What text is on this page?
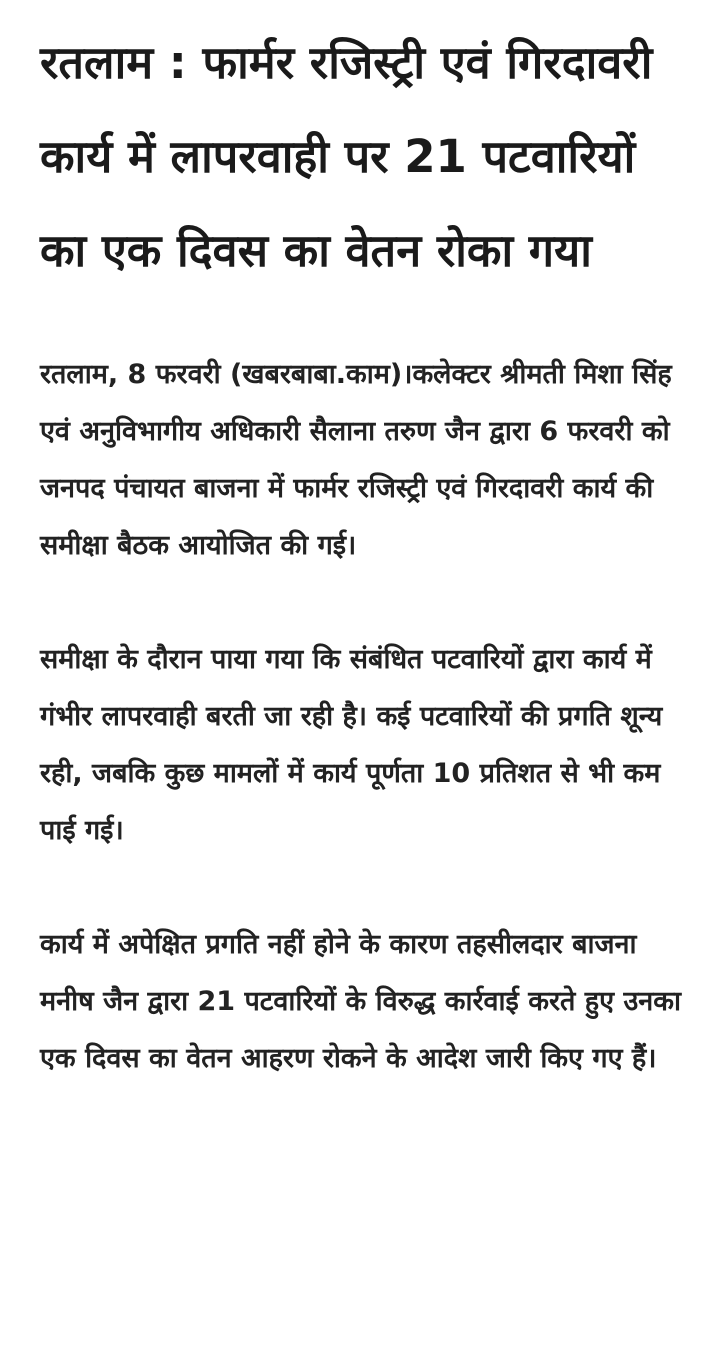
रतलाम : फार्मर रजिस्ट्री एवं गिरदावरी कार्य में लापरवाही पर 21 पटवारियों का एक दिवस का वेतन रोका गया

रतलाम, 8 फरवरी (खबरबाबा.काम)।कलेक्टर श्रीमती मिशा सिंह एवं अनुविभागीय अधिकारी सैलाना तरुण जैन द्वारा 6 फरवरी को जनपद पंचायत बाजना में फार्मर रजिस्ट्री एवं गिरदावरी कार्य की समीक्षा बैठक आयोजित की गई।

समीक्षा के दौरान पाया गया कि संबंधित पटवारियों द्वारा कार्य में गंभीर लापरवाही बरती जा रही है। कई पटवारियों की प्रगति शून्य रही, जबकि कुछ मामलों में कार्य पूर्णता 10 प्रतिशत से भी कम पाई गई।

कार्य में अपेक्षित प्रगति नहीं होने के कारण तहसीलदार बाजना मनीष जैन द्वारा 21 पटवारियों के विरुद्ध कार्रवाई करते हुए उनका एक दिवस का वेतन आहरण रोकने के आदेश जारी किए गए हैं।
